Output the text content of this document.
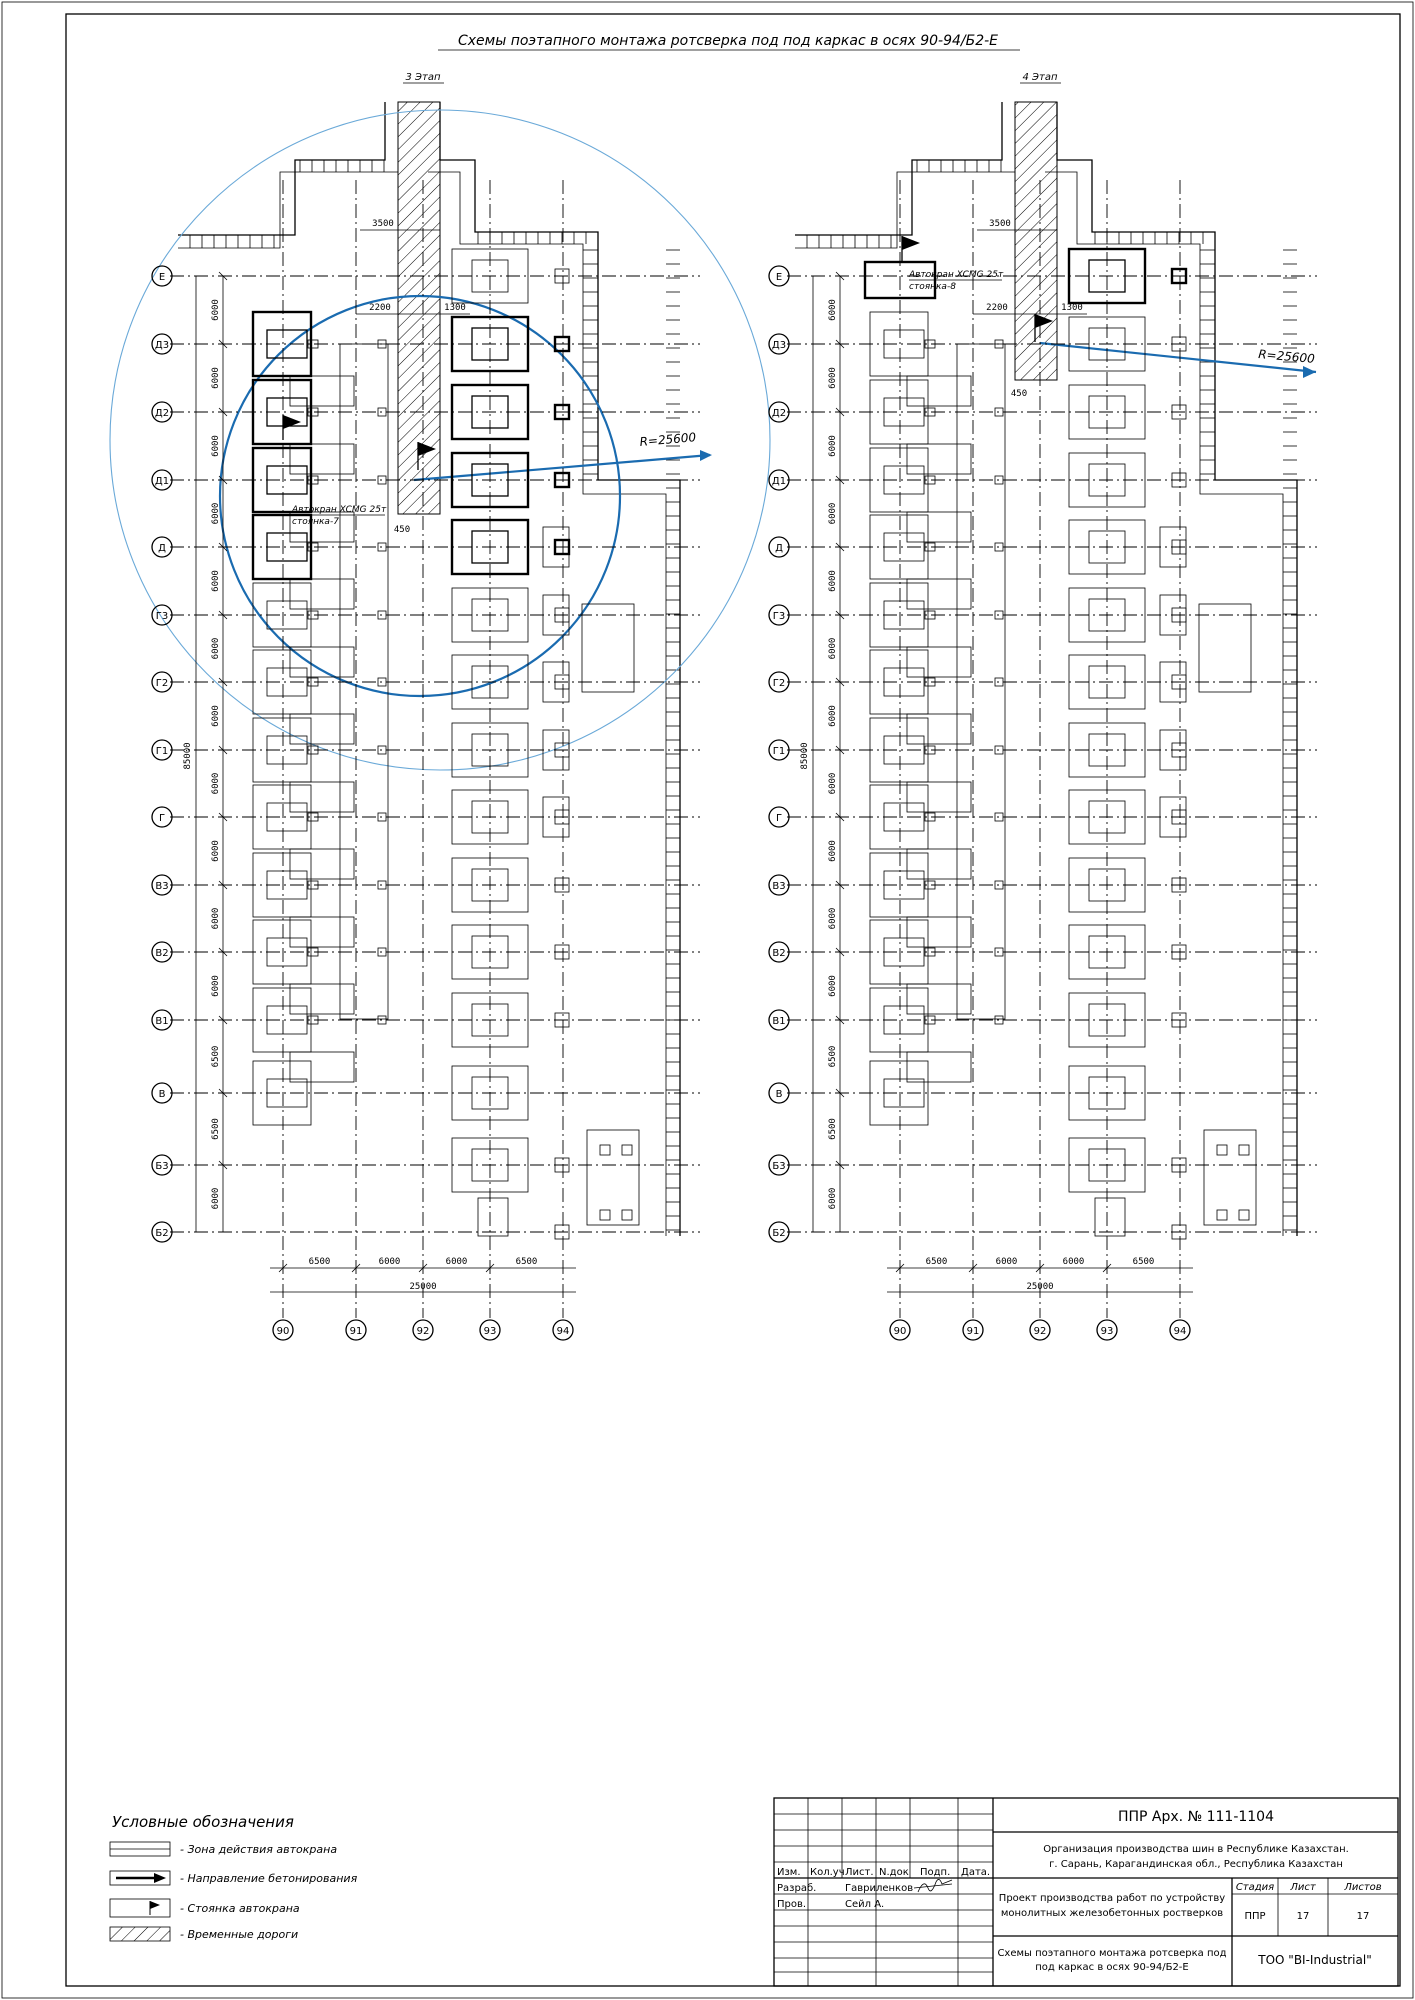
Схемы поэтапного монтажа ротсверка под под каркас в осях 90-94/Б2-Е
3 Этап
R=25600
Е
Д3
Д2
Д1
Д
Г3
Г2
Г1
Г
В3
В2
В1
В
Б3
Б2
90	91	92	93	94
6000
6000
6000
6000
6000
6000
6000
6000
6000
6000
6000
6500
6500
6000
85000
6500	6000	6000	6500
25000
3500
2200	1300
450
Автокран XCMG 25т
стоянка-7
4 Этап
R=25600
Е
Д3
Д2
Д1
Д
Г3
Г2
Г1
Г
В3
В2
В1
В
Б3
Б2
90	91	92	93	94
6000
6000
6000
6000
6000
6000
6000
6000
6000
6000
6000
6500
6500
6000
85000
6500	6000	6000	6500
25000
3500
2200	1300
450
Автокран XCMG 25т
стоянка-8
Условные обозначения
- Зона действия автокрана
- Направление бетонирования
- Стоянка автокрана
- Временные дороги
Изм. Кол.уч Лист. N.док Подп. Дата.
Разраб.	Гавриленков
Пров.	Сейл А.
ППР Арх. № 111-1104
Организация производства шин в Республике Казахстан.
г. Сарань, Карагандинская обл., Республика Казахстан
Проект производства работ по устройству
монолитных железобетонных ростверков
Стадия Лист	Листов
ППР	17	17
Схемы поэтапного монтажа ротсверка под
под каркас в осях 90-94/Б2-Е
ТОО "BI-Industrial"
